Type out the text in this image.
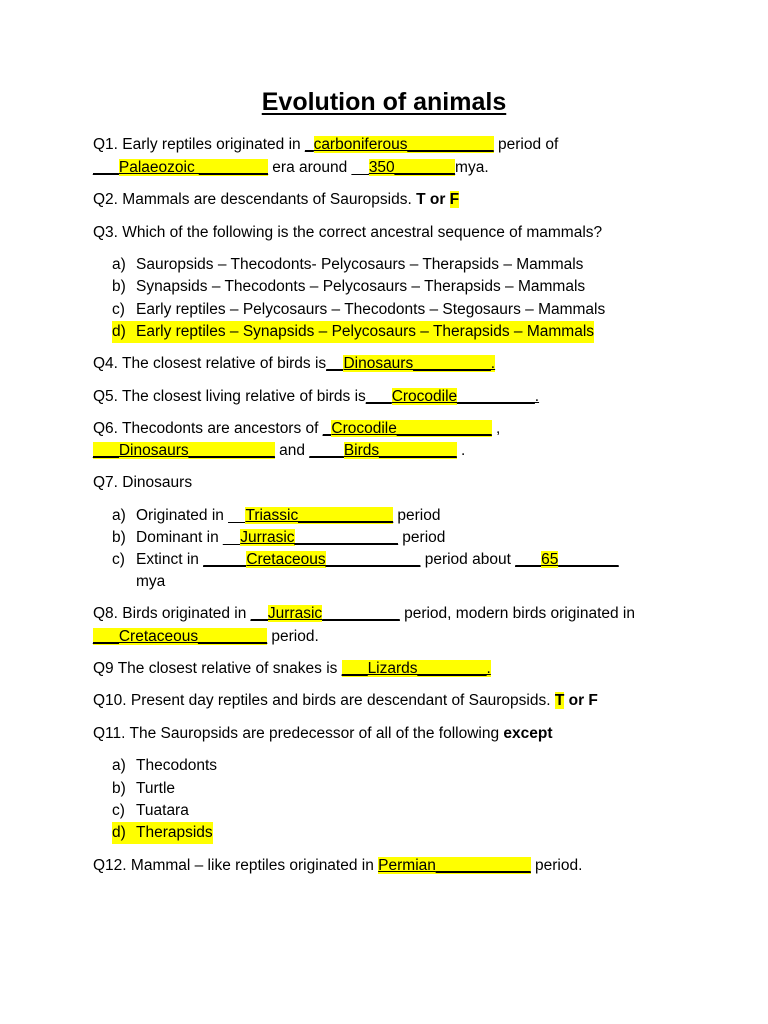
Evolution of animals
Q1. Early reptiles originated in _carboniferous__________ period of
___Palaeozoic ________ era around __350_______mya.
Q2. Mammals are descendants of Sauropsids. T or F
Q3. Which of the following is the correct ancestral sequence of mammals?
a) Sauropsids – Thecodonts- Pelycosaurs – Therapsids – Mammals
b) Synapsids – Thecodonts – Pelycosaurs – Therapsids – Mammals
c) Early reptiles – Pelycosaurs – Thecodonts – Stegosaurs – Mammals
d) Early reptiles – Synapsids – Pelycosaurs – Therapsids – Mammals
Q4. The closest relative of birds is__Dinosaurs_________.
Q5. The closest living relative of birds is___Crocodile_________.
Q6. Thecodonts are ancestors of _Crocodile___________ ,
___Dinosaurs__________ and ____Birds_________ .
Q7. Dinosaurs
a) Originated in __Triassic___________ period
b) Dominant in __Jurrasic____________ period
c) Extinct in _____Cretaceous___________ period about ___65_______
mya
Q8. Birds originated in __Jurrasic_________ period, modern birds originated in
___Cretaceous________ period.
Q9 The closest relative of snakes is ___Lizards________.
Q10. Present day reptiles and birds are descendant of Sauropsids. T or F
Q11. The Sauropsids are predecessor of all of the following except
a) Thecodonts
b) Turtle
c) Tuatara
d) Therapsids
Q12. Mammal – like reptiles originated in Permian___________ period.
